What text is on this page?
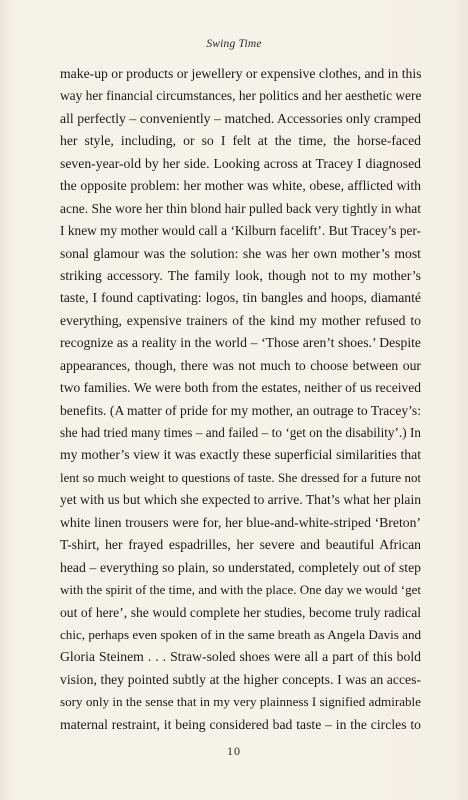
Swing Time
make-up or products or jewellery or expensive clothes, and in this
way her financial circumstances, her politics and her aesthetic were
all perfectly – conveniently – matched. Accessories only cramped
her style, including, or so I felt at the time, the horse-faced
seven-year-old by her side. Looking across at Tracey I diagnosed
the opposite problem: her mother was white, obese, afflicted with
acne. She wore her thin blond hair pulled back very tightly in what
I knew my mother would call a ‘Kilburn facelift’. But Tracey’s per-
sonal glamour was the solution: she was her own mother’s most
striking accessory. The family look, though not to my mother’s
taste, I found captivating: logos, tin bangles and hoops, diamanté
everything, expensive trainers of the kind my mother refused to
recognize as a reality in the world – ‘Those aren’t shoes.’ Despite
appearances, though, there was not much to choose between our
two families. We were both from the estates, neither of us received
benefits. (A matter of pride for my mother, an outrage to Tracey’s:
she had tried many times – and failed – to ‘get on the disability’.) In
my mother’s view it was exactly these superficial similarities that
lent so much weight to questions of taste. She dressed for a future not
yet with us but which she expected to arrive. That’s what her plain
white linen trousers were for, her blue-and-white-striped ‘Breton’
T-shirt, her frayed espadrilles, her severe and beautiful African
head – everything so plain, so understated, completely out of step
with the spirit of the time, and with the place. One day we would ‘get
out of here’, she would complete her studies, become truly radical
chic, perhaps even spoken of in the same breath as Angela Davis and
Gloria Steinem . . . Straw-soled shoes were all a part of this bold
vision, they pointed subtly at the higher concepts. I was an acces-
sory only in the sense that in my very plainness I signified admirable
maternal restraint, it being considered bad taste – in the circles to
10
